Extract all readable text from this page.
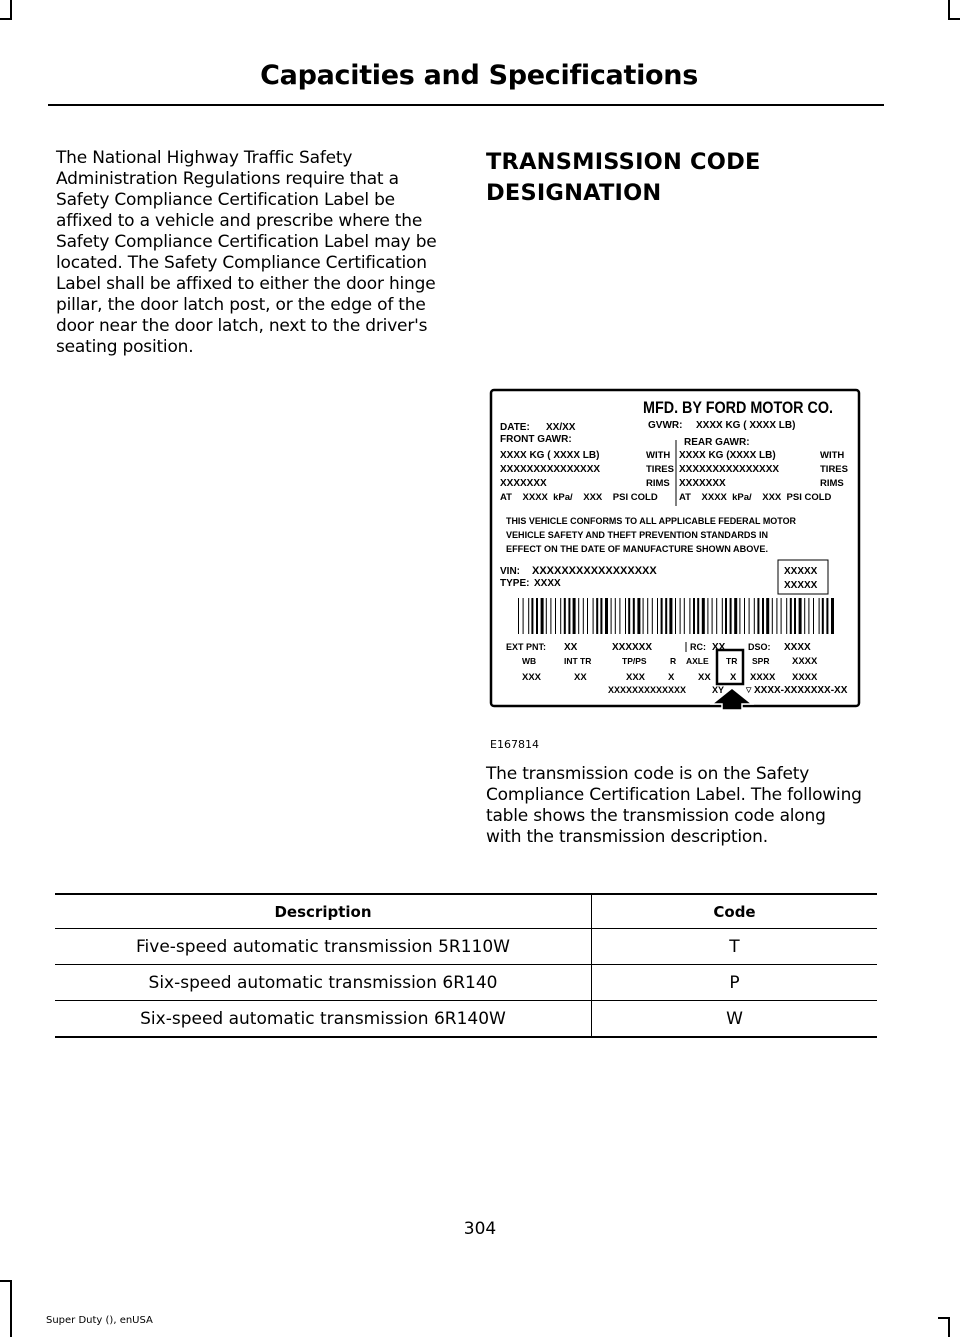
Capacities and Specifications
The National Highway Traffic Safety Administration Regulations require that a Safety Compliance Certification Label be affixed to a vehicle and prescribe where the Safety Compliance Certification Label may be located. The Safety Compliance Certification Label shall be affixed to either the door hinge pillar, the door latch post, or the edge of the door near the door latch, next to the driver's seating position.
TRANSMISSION CODE
DESIGNATION
MFD. BY FORD MOTOR CO.
DATE: XX/XX	GVWR: XXXX KG ( XXXX LB)
FRONT GAWR:	REAR GAWR:
XXXX KG ( XXXX LB)	XXXX KG (XXXX LB)
WITH	WITH
XXXXXXXXXXXXXXX	XXXXXXXXXXXXXXX
TIRES	TIRES
XXXXXXX	XXXXXXX
RIMS	RIMS
AT    XXXX  kPa/    XXX    PSI COLD AT    XXXX  kPa/    XXX  PSI COLD
THIS VEHICLE CONFORMS TO ALL APPLICABLE FEDERAL MOTOR
VEHICLE SAFETY AND THEFT PREVENTION STANDARDS IN
EFFECT ON THE DATE OF MANUFACTURE SHOWN ABOVE.
VIN: XXXXXXXXXXXXXXXXX
TYPE: XXXX
XXXXX
XXXXX
EXT PNT: XX	XXXXXX	RC: XX	DSO: XXXX
WB	INT TR	TP/PS	R AXLE TR SPR XXXX
XXX	XX	XXX X XX X XXXX XXXX
XXXXXXXXXXXXX	XY	▽ XXXX-XXXXXXX-XX
E167814
The transmission code is on the Safety Compliance Certification Label. The following table shows the transmission code along with the transmission description.
Description	Code
Five-speed automatic transmission 5R110W	T
Six-speed automatic transmission 6R140	P
Six-speed automatic transmission 6R140W	W
304
Super Duty (), enUSA
